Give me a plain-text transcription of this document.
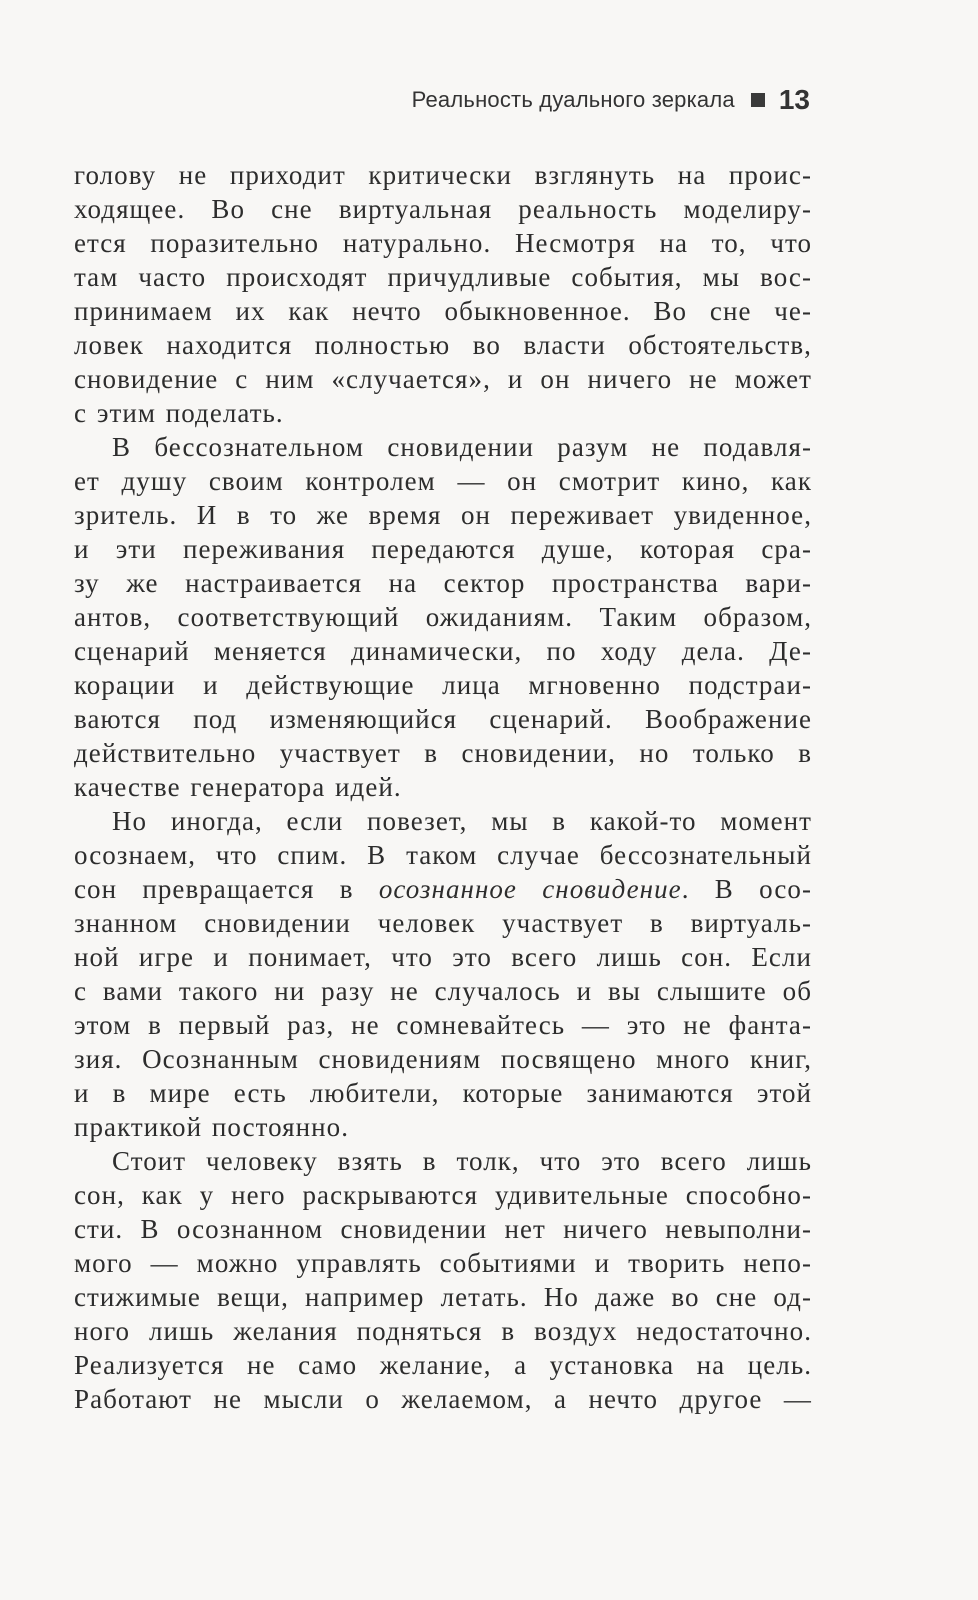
Реальность дуального зеркала 13
голову не приходит критически взглянуть на проис-
ходящее. Во сне виртуальная реальность моделиру-
ется поразительно натурально. Несмотря на то, что
там часто происходят причудливые события, мы вос-
принимаем их как нечто обыкновенное. Во сне че-
ловек находится полностью во власти обстоятельств,
сновидение с ним «случается», и он ничего не может
с этим поделать.
В бессознательном сновидении разум не подавля-
ет душу своим контролем — он смотрит кино, как
зритель. И в то же время он переживает увиденное,
и эти переживания передаются душе, которая сра-
зу же настраивается на сектор пространства вари-
антов, соответствующий ожиданиям. Таким образом,
сценарий меняется динамически, по ходу дела. Де-
корации и действующие лица мгновенно подстраи-
ваются под изменяющийся сценарий. Воображение
действительно участвует в сновидении, но только в
качестве генератора идей.
Но иногда, если повезет, мы в какой-то момент
осознаем, что спим. В таком случае бессознательный
сон превращается в осознанное сновидение. В осо-
знанном сновидении человек участвует в виртуаль-
ной игре и понимает, что это всего лишь сон. Если
с вами такого ни разу не случалось и вы слышите об
этом в первый раз, не сомневайтесь — это не фанта-
зия. Осознанным сновидениям посвящено много книг,
и в мире есть любители, которые занимаются этой
практикой постоянно.
Стоит человеку взять в толк, что это всего лишь
сон, как у него раскрываются удивительные способно-
сти. В осознанном сновидении нет ничего невыполни-
мого — можно управлять событиями и творить непо-
стижимые вещи, например летать. Но даже во сне од-
ного лишь желания подняться в воздух недостаточно.
Реализуется не само желание, а установка на цель.
Работают не мысли о желаемом, а нечто другое —
